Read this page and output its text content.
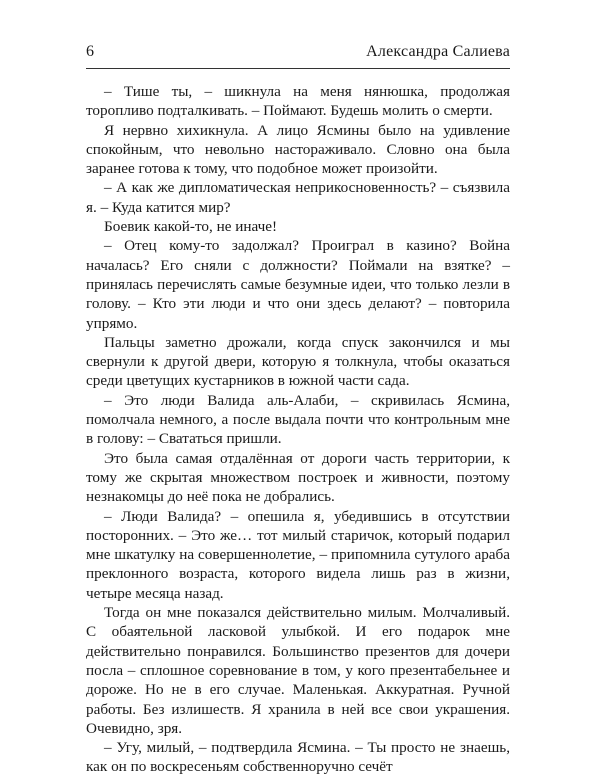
6	Александра Салиева

– Тише ты, – шикнула на меня нянюшка, продолжая торопливо подталкивать. – Поймают. Будешь молить о смерти.

Я нервно хихикнула. А лицо Ясмины было на удивление спокойным, что невольно настораживало. Словно она была заранее готова к тому, что подобное может произойти.

– А как же дипломатическая неприкосновенность? – съязвила я. – Куда катится мир?

Боевик какой-то, не иначе!

– Отец кому-то задолжал? Проиграл в казино? Война началась? Его сняли с должности? Поймали на взятке? – принялась перечислять самые безумные идеи, что только лезли в голову. – Кто эти люди и что они здесь делают? – повторила упрямо.

Пальцы заметно дрожали, когда спуск закончился и мы свернули к другой двери, которую я толкнула, чтобы оказаться среди цветущих кустарников в южной части сада.

– Это люди Валида аль-Алаби, – скривилась Ясмина, помолчала немного, а после выдала почти что контрольным мне в голову: – Свататься пришли.

Это была самая отдалённая от дороги часть территории, к тому же скрытая множеством построек и живности, поэтому незнакомцы до неё пока не добрались.

– Люди Валида? – опешила я, убедившись в отсутствии посторонних. – Это же… тот милый старичок, который подарил мне шкатулку на совершеннолетие, – припомнила сутулого араба преклонного возраста, которого видела лишь раз в жизни, четыре месяца назад.

Тогда он мне показался действительно милым. Молчаливый. С обаятельной ласковой улыбкой. И его подарок мне действительно понравился. Большинство презентов для дочери посла – сплошное соревнование в том, у кого презентабельнее и дороже. Но не в его случае. Маленькая. Аккуратная. Ручной работы. Без излишеств. Я хранила в ней все свои украшения. Очевидно, зря.

– Угу, милый, – подтвердила Ясмина. – Ты просто не знаешь, как он по воскресеньям собственноручно сечёт
